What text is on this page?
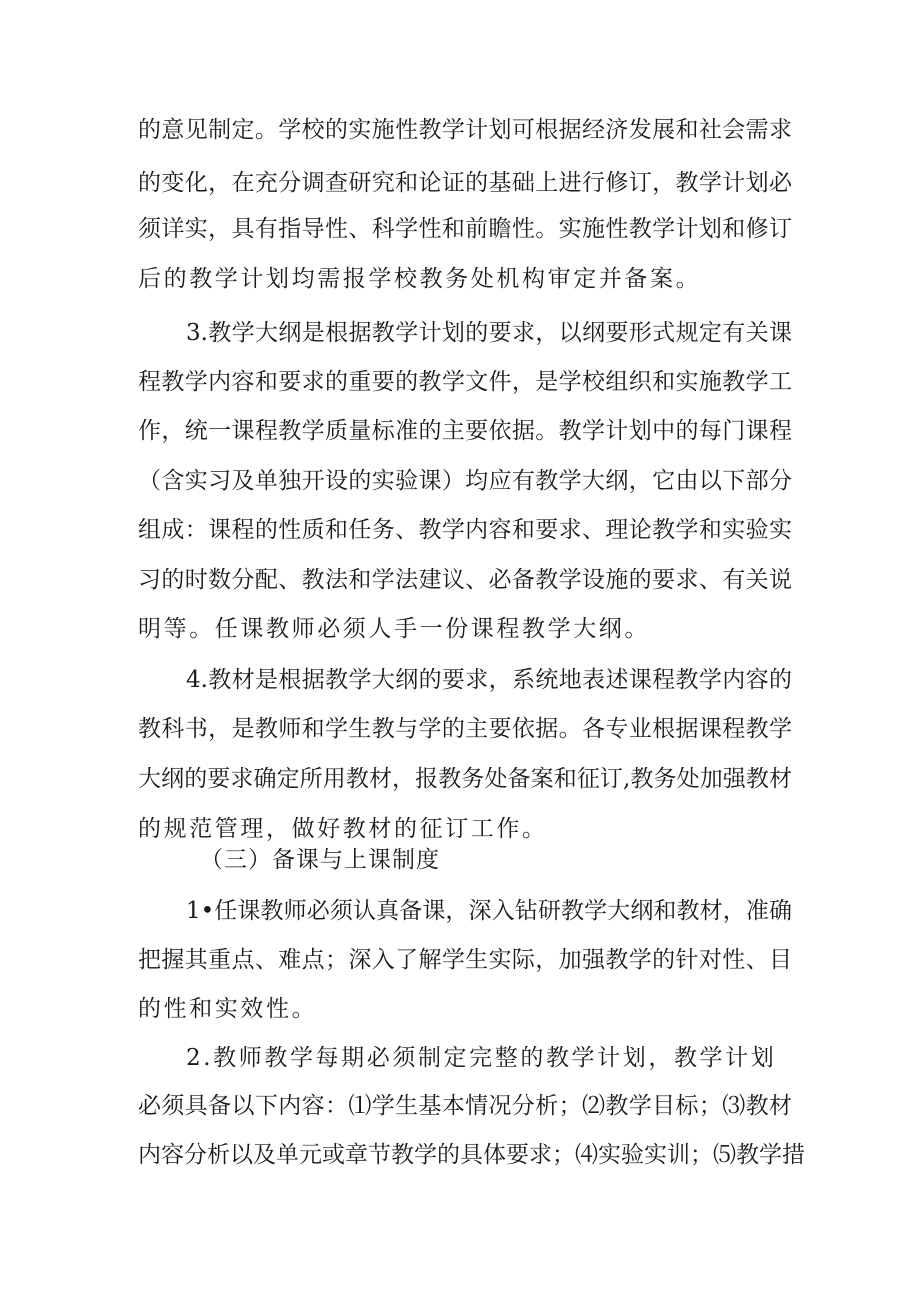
的意见制定。学校的实施性教学计划可根据经济发展和社会需求
的变化，在充分调查研究和论证的基础上进行修订，教学计划必
须详实，具有指导性、科学性和前瞻性。实施性教学计划和修订
后的教学计划均需报学校教务处机构审定并备案。
3.教学大纲是根据教学计划的要求，以纲要形式规定有关课
程教学内容和要求的重要的教学文件，是学校组织和实施教学工
作，统一课程教学质量标准的主要依据。教学计划中的每门课程
（含实习及单独开设的实验课）均应有教学大纲，它由以下部分
组成：课程的性质和任务、教学内容和要求、理论教学和实验实
习的时数分配、教法和学法建议、必备教学设施的要求、有关说
明等。任课教师必须人手一份课程教学大纲。
4.教材是根据教学大纲的要求，系统地表述课程教学内容的
教科书，是教师和学生教与学的主要依据。各专业根据课程教学
大纲的要求确定所用教材，报教务处备案和征订,教务处加强教材
的规范管理，做好教材的征订工作。
（三）备课与上课制度
1•任课教师必须认真备课，深入钻研教学大纲和教材，准确
把握其重点、难点；深入了解学生实际，加强教学的针对性、目
的性和实效性。
2.教师教学每期必须制定完整的教学计划，教学计划
必须具备以下内容：⑴学生基本情况分析；⑵教学目标；⑶教材
内容分析以及单元或章节教学的具体要求；⑷实验实训；⑸教学措
